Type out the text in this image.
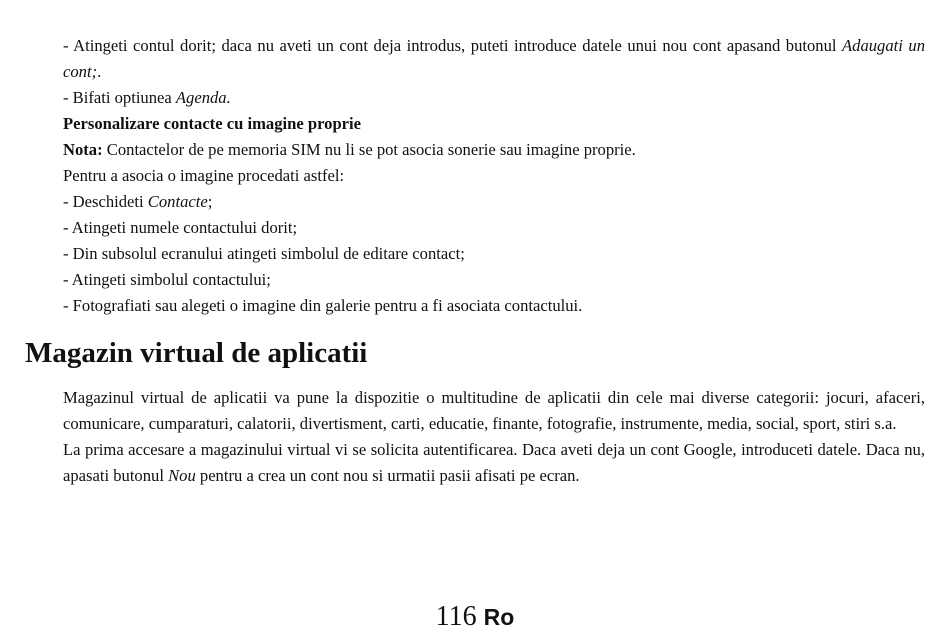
- Atingeti contul dorit; daca nu aveti un cont deja introdus, puteti introduce datele unui nou cont apasand butonul Adaugati un cont;.

- Bifati optiunea Agenda.

Personalizare contacte cu imagine proprie

Nota: Contactelor de pe memoria SIM nu li se pot asocia sonerie sau imagine proprie.

Pentru a asocia o imagine procedati astfel:

- Deschideti Contacte;

- Atingeti numele contactului dorit;

- Din subsolul ecranului atingeti simbolul de editare contact;

- Atingeti simbolul contactului;

- Fotografiati sau alegeti o imagine din galerie pentru a fi asociata contactului.

Magazin virtual de aplicatii

Magazinul virtual de aplicatii va pune la dispozitie o multitudine de aplicatii din cele mai diverse categorii: jocuri, afaceri, comunicare, cumparaturi, calatorii, divertisment, carti, educatie, finante, fotografie, instrumente, media, social, sport, stiri s.a.

La prima accesare a magazinului virtual vi se solicita autentificarea. Daca aveti deja un cont Google, introduceti datele. Daca nu, apasati butonul Nou pentru a crea un cont nou si urmatii pasii afisati pe ecran.

116 Ro
